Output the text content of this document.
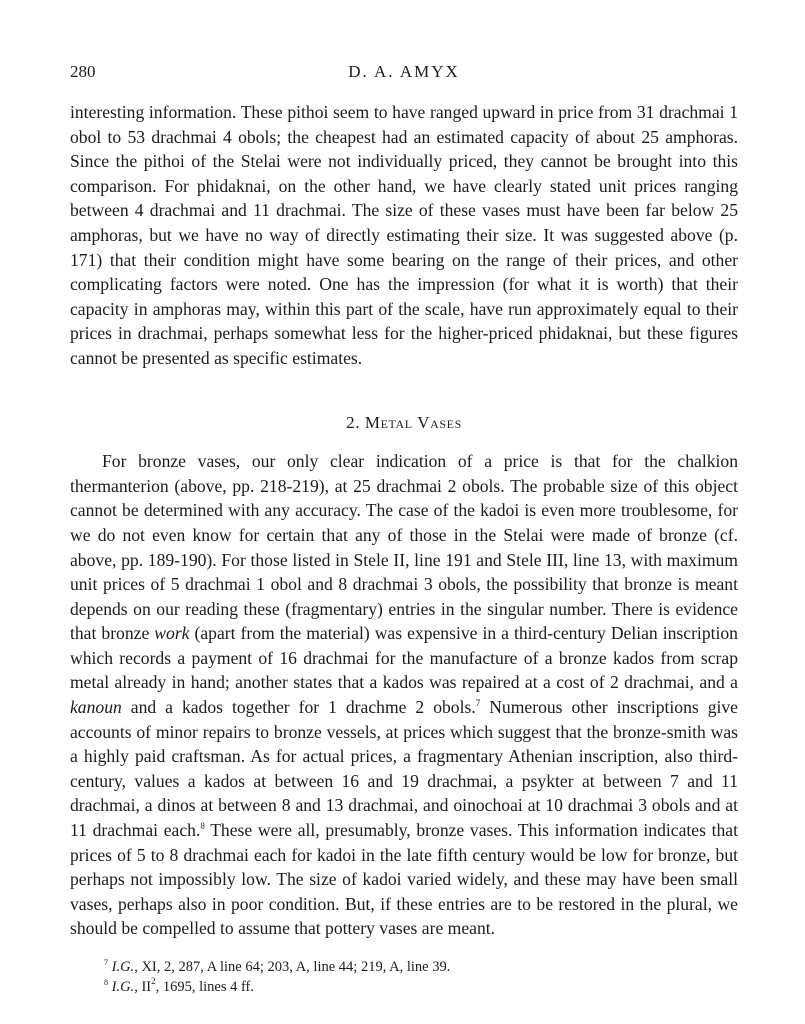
280	D. A. AMYX

interesting information. These pithoi seem to have ranged upward in price from 31 drachmai 1 obol to 53 drachmai 4 obols; the cheapest had an estimated capacity of about 25 amphoras. Since the pithoi of the Stelai were not individually priced, they cannot be brought into this comparison. For phidaknai, on the other hand, we have clearly stated unit prices ranging between 4 drachmai and 11 drachmai. The size of these vases must have been far below 25 amphoras, but we have no way of directly estimating their size. It was suggested above (p. 171) that their condition might have some bearing on the range of their prices, and other complicating factors were noted. One has the impression (for what it is worth) that their capacity in amphoras may, within this part of the scale, have run approximately equal to their prices in drachmai, perhaps somewhat less for the higher-priced phidaknai, but these figures cannot be presented as specific estimates.

2. Metal Vases

For bronze vases, our only clear indication of a price is that for the chalkion thermanterion (above, pp. 218-219), at 25 drachmai 2 obols. The probable size of this object cannot be determined with any accuracy. The case of the kadoi is even more troublesome, for we do not even know for certain that any of those in the Stelai were made of bronze (cf. above, pp. 189-190). For those listed in Stele II, line 191 and Stele III, line 13, with maximum unit prices of 5 drachmai 1 obol and 8 drachmai 3 obols, the possibility that bronze is meant depends on our reading these (fragmentary) entries in the singular number. There is evidence that bronze work (apart from the material) was expensive in a third-century Delian inscription which records a payment of 16 drachmai for the manufacture of a bronze kados from scrap metal already in hand; another states that a kados was repaired at a cost of 2 drachmai, and a kanoun and a kados together for 1 drachme 2 obols.$^7$ Numerous other inscriptions give accounts of minor repairs to bronze vessels, at prices which suggest that the bronze-smith was a highly paid craftsman. As for actual prices, a fragmentary Athenian inscription, also third-century, values a kados at between 16 and 19 drachmai, a psykter at between 7 and 11 drachmai, a dinos at between 8 and 13 drachmai, and oinochoai at 10 drachmai 3 obols and at 11 drachmai each.$^8$ These were all, presumably, bronze vases. This information indicates that prices of 5 to 8 drachmai each for kadoi in the late fifth century would be low for bronze, but perhaps not impossibly low. The size of kadoi varied widely, and these may have been small vases, perhaps also in poor condition. But, if these entries are to be restored in the plural, we should be compelled to assume that pottery vases are meant.

$^7$ I.G., XI, 2, 287, A line 64; 203, A, line 44; 219, A, line 39.
$^8$ I.G., $II^2$, 1695, lines 4 ff.
